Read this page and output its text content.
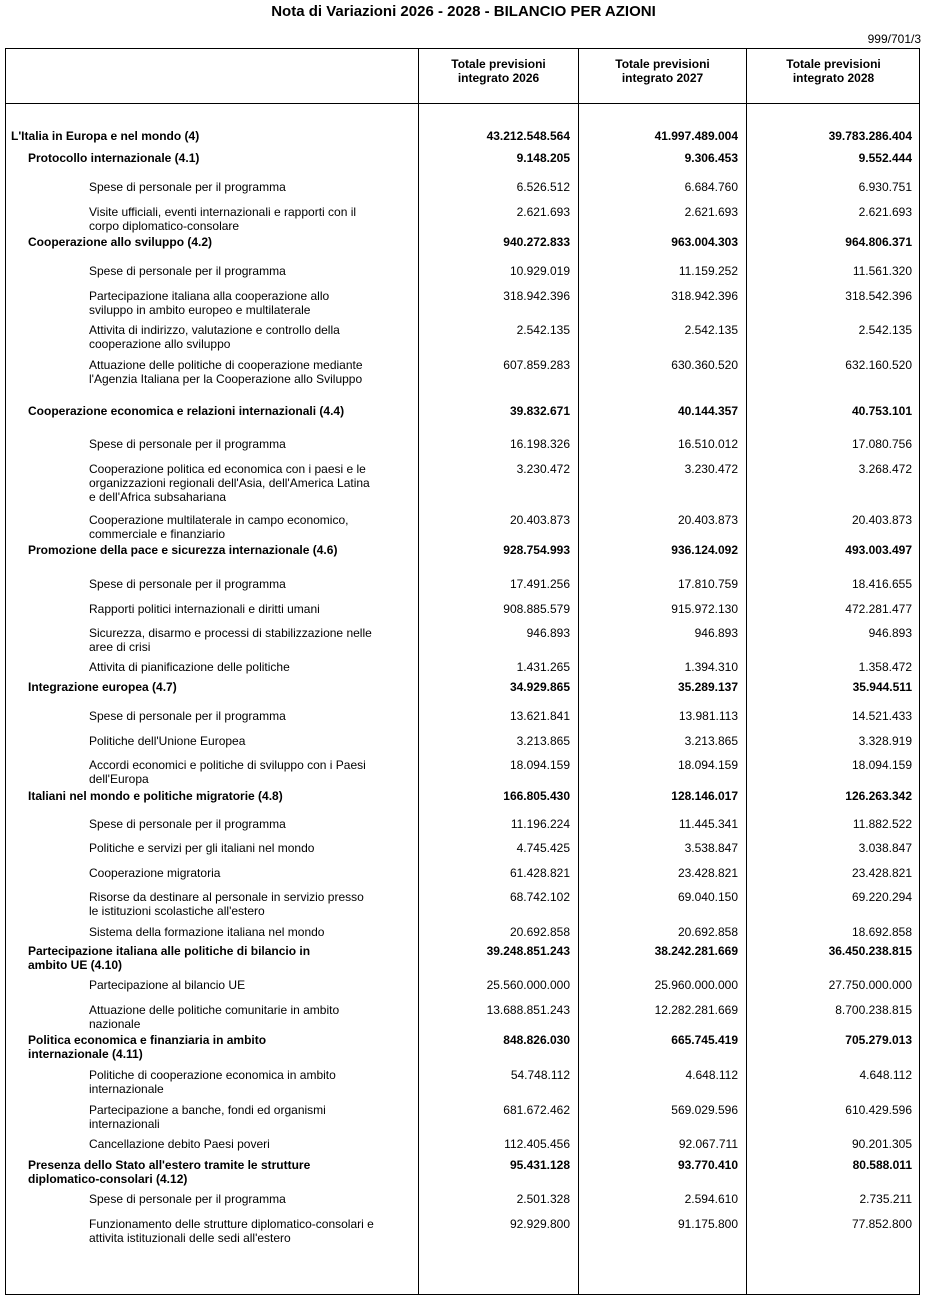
Nota di Variazioni 2026 - 2028 - BILANCIO PER AZIONI
999/701/3
Totale previsioni
integrato 2026
Totale previsioni
integrato 2027
Totale previsioni
integrato 2028
L'Italia in Europa e nel mondo (4)	43.212.548.564	41.997.489.004	39.783.286.404
Protocollo internazionale (4.1)	9.148.205	9.306.453	9.552.444
Spese di personale per il programma	6.526.512	6.684.760	6.930.751
Visite ufficiali, eventi internazionali e rapporti con il corpo diplomatico-consolare
2.621.693	2.621.693	2.621.693
Cooperazione allo sviluppo (4.2)	940.272.833	963.004.303	964.806.371
Spese di personale per il programma	10.929.019	11.159.252	11.561.320
Partecipazione italiana alla cooperazione allo sviluppo in ambito europeo e multilaterale
318.942.396	318.942.396	318.542.396
Attivita di indirizzo, valutazione e controllo della cooperazione allo sviluppo
2.542.135	2.542.135	2.542.135
Attuazione delle politiche di cooperazione mediante l'Agenzia Italiana per la Cooperazione allo Sviluppo
607.859.283	630.360.520	632.160.520
Cooperazione economica e relazioni internazionali (4.4)	39.832.671	40.144.357	40.753.101
Spese di personale per il programma	16.198.326	16.510.012	17.080.756
Cooperazione politica ed economica con i paesi e le organizzazioni regionali dell'Asia, dell'America Latina e dell'Africa subsahariana
3.230.472	3.230.472	3.268.472
Cooperazione multilaterale in campo economico, commerciale e finanziario
20.403.873	20.403.873	20.403.873
Promozione della pace e sicurezza internazionale (4.6)	928.754.993	936.124.092	493.003.497
Spese di personale per il programma	17.491.256	17.810.759	18.416.655
Rapporti politici internazionali e diritti umani	908.885.579	915.972.130	472.281.477
Sicurezza, disarmo e processi di stabilizzazione nelle aree di crisi
946.893	946.893	946.893
Attivita di pianificazione delle politiche	1.431.265	1.394.310	1.358.472
Integrazione europea (4.7)	34.929.865	35.289.137	35.944.511
Spese di personale per il programma	13.621.841	13.981.113	14.521.433
Politiche dell'Unione Europea	3.213.865	3.213.865	3.328.919
Accordi economici e politiche di sviluppo con i Paesi dell'Europa
18.094.159	18.094.159	18.094.159
Italiani nel mondo e politiche migratorie (4.8)	166.805.430	128.146.017	126.263.342
Spese di personale per il programma	11.196.224	11.445.341	11.882.522
Politiche e servizi per gli italiani nel mondo	4.745.425	3.538.847	3.038.847
Cooperazione migratoria	61.428.821	23.428.821	23.428.821
Risorse da destinare al personale in servizio presso le istituzioni scolastiche all'estero
68.742.102	69.040.150	69.220.294
Sistema della formazione italiana nel mondo	20.692.858	20.692.858	18.692.858
Partecipazione italiana alle politiche di bilancio in ambito UE (4.10)
39.248.851.243	38.242.281.669	36.450.238.815
Partecipazione al bilancio UE	25.560.000.000	25.960.000.000	27.750.000.000
Attuazione delle politiche comunitarie in ambito nazionale
13.688.851.243	12.282.281.669	8.700.238.815
Politica economica e finanziaria in ambito internazionale (4.11)
848.826.030	665.745.419	705.279.013
Politiche di cooperazione economica in ambito internazionale
54.748.112	4.648.112	4.648.112
Partecipazione a banche, fondi ed organismi internazionali
681.672.462	569.029.596	610.429.596
Cancellazione debito Paesi poveri	112.405.456	92.067.711	90.201.305
Presenza dello Stato all'estero tramite le strutture diplomatico-consolari (4.12)
95.431.128	93.770.410	80.588.011
Spese di personale per il programma	2.501.328	2.594.610	2.735.211
Funzionamento delle strutture diplomatico-consolari e attivita istituzionali delle sedi all'estero
92.929.800	91.175.800	77.852.800
